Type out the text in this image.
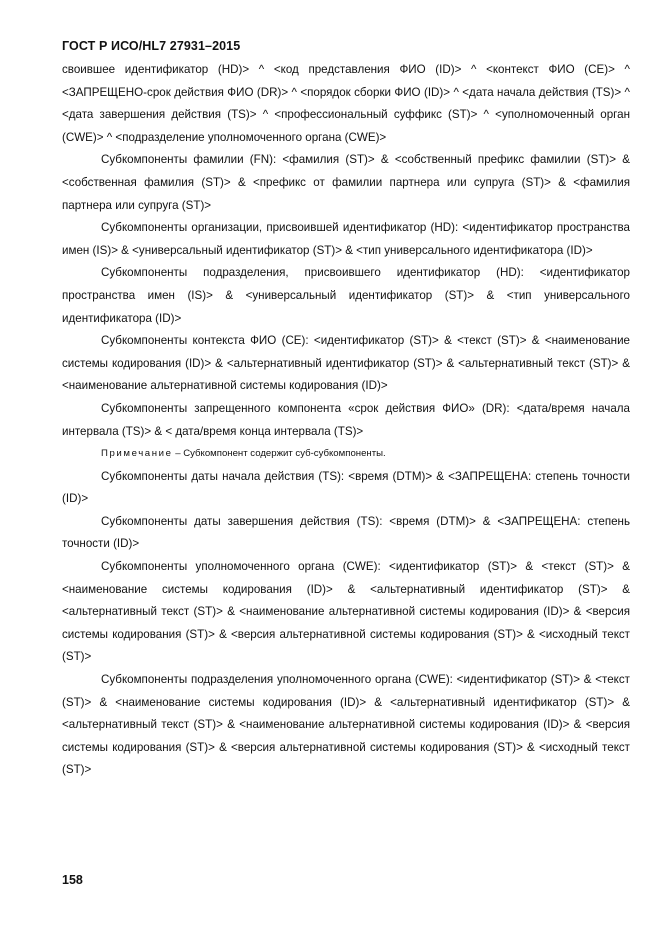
ГОСТ Р ИСО/HL7 27931–2015

своившее идентификатор (HD)> ^ <код представления ФИО (ID)> ^ <контекст ФИО (CE)> ^ <ЗАПРЕЩЕНО-срок действия ФИО (DR)> ^ <порядок сборки ФИО (ID)> ^ <дата начала действия (TS)> ^ <дата завершения действия (TS)> ^ <профессиональный суффикс (ST)> ^ <уполномоченный орган (CWE)> ^ <подразделение уполномоченного органа (CWE)>

Субкомпоненты фамилии (FN): <фамилия (ST)> & <собственный префикс фамилии (ST)> & <собственная фамилия (ST)> & <префикс от фамилии партнера или супруга (ST)> & <фамилия партнера или супруга (ST)>

Субкомпоненты организации, присвоившей идентификатор (HD): <идентификатор пространства имен (IS)> & <универсальный идентификатор (ST)> & <тип универсального идентификатора (ID)>

Субкомпоненты подразделения, присвоившего идентификатор (HD): <идентификатор пространства имен (IS)> & <универсальный идентификатор (ST)> & <тип универсального идентификатора (ID)>

Субкомпоненты контекста ФИО (CE): <идентификатор (ST)> & <текст (ST)> & <наименование системы кодирования (ID)> & <альтернативный идентификатор (ST)> & <альтернативный текст (ST)> & <наименование альтернативной системы кодирования (ID)>

Субкомпоненты запрещенного компонента «срок действия ФИО» (DR): <дата/время начала интервала (TS)> & < дата/время конца интервала (TS)>

Примечание – Субкомпонент содержит суб-субкомпоненты.

Субкомпоненты даты начала действия (TS): <время (DTM)> & <ЗАПРЕЩЕНА: степень точности (ID)>

Субкомпоненты даты завершения действия (TS): <время (DTM)> & <ЗАПРЕЩЕНА: степень точности (ID)>

Субкомпоненты уполномоченного органа (CWE): <идентификатор (ST)> & <текст (ST)> & <наименование системы кодирования (ID)> & <альтернативный идентификатор (ST)> & <альтернативный текст (ST)> & <наименование альтернативной системы кодирования (ID)> & <версия системы кодирования (ST)> & <версия альтернативной системы кодирования (ST)> & <исходный текст (ST)>

Субкомпоненты подразделения уполномоченного органа (CWE): <идентификатор (ST)> & <текст (ST)> & <наименование системы кодирования (ID)> & <альтернативный идентификатор (ST)> & <альтернативный текст (ST)> & <наименование альтернативной системы кодирования (ID)> & <версия системы кодирования (ST)> & <версия альтернативной системы кодирования (ST)> & <исходный текст (ST)>

158
